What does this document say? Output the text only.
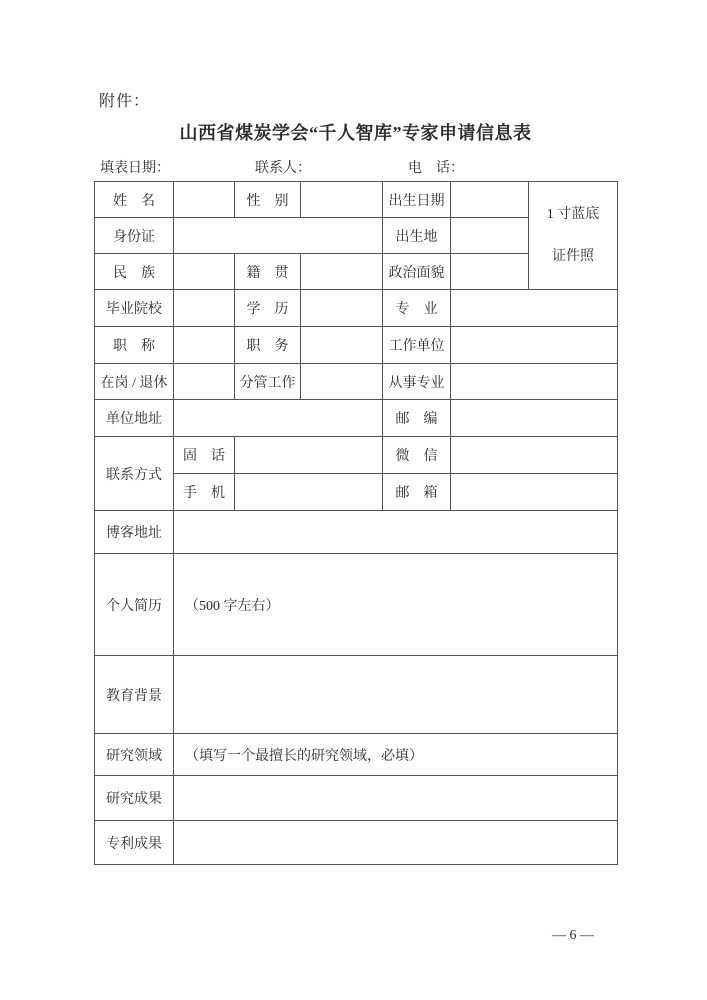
附件：
山西省煤炭学会“千人智库”专家申请信息表
填表日期：	联系人：	电　话：
姓　名		性　别		出生日期		1 寸蓝底
证件照

身份证				出生地		
民　族		籍　贯		政治面貌		
毕业院校		学　历		专　业		
职　称		职　务		工作单位		
在岗 / 退休		分管工作		从事专业		
单位地址				邮　编		
联系方式	固　话			微　信		
	手　机			邮　箱		
博客地址						
个人简历	（500 字左右）					
教育背景						
研究领域	（填写一个最擅长的研究领域，必填）					
研究成果						
专利成果						
— 6 —
